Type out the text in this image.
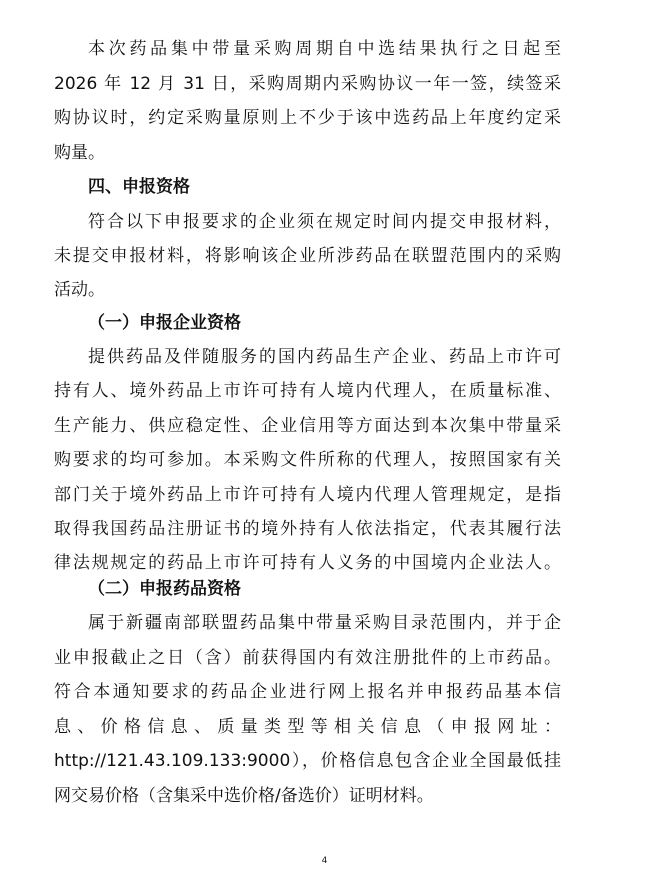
本次药品集中带量采购周期自中选结果执行之日起至
2026 年 12 月 31 日，采购周期内采购协议一年一签，续签采
购协议时，约定采购量原则上不少于该中选药品上年度约定采
购量。
四、申报资格
符合以下申报要求的企业须在规定时间内提交申报材料，
未提交申报材料，将影响该企业所涉药品在联盟范围内的采购
活动。
（一）申报企业资格
提供药品及伴随服务的国内药品生产企业、药品上市许可
持有人、境外药品上市许可持有人境内代理人，在质量标准、
生产能力、供应稳定性、企业信用等方面达到本次集中带量采
购要求的均可参加。本采购文件所称的代理人，按照国家有关
部门关于境外药品上市许可持有人境内代理人管理规定，是指
取得我国药品注册证书的境外持有人依法指定，代表其履行法
律法规规定的药品上市许可持有人义务的中国境内企业法人。
（二）申报药品资格
属于新疆南部联盟药品集中带量采购目录范围内，并于企
业申报截止之日（含）前获得国内有效注册批件的上市药品。
符合本通知要求的药品企业进行网上报名并申报药品基本信
息、价格信息、质量类型等相关信息（申报网址：
http://121.43.109.133:9000），价格信息包含企业全国最低挂
4
网交易价格（含集采中选价格/备选价）证明材料。
